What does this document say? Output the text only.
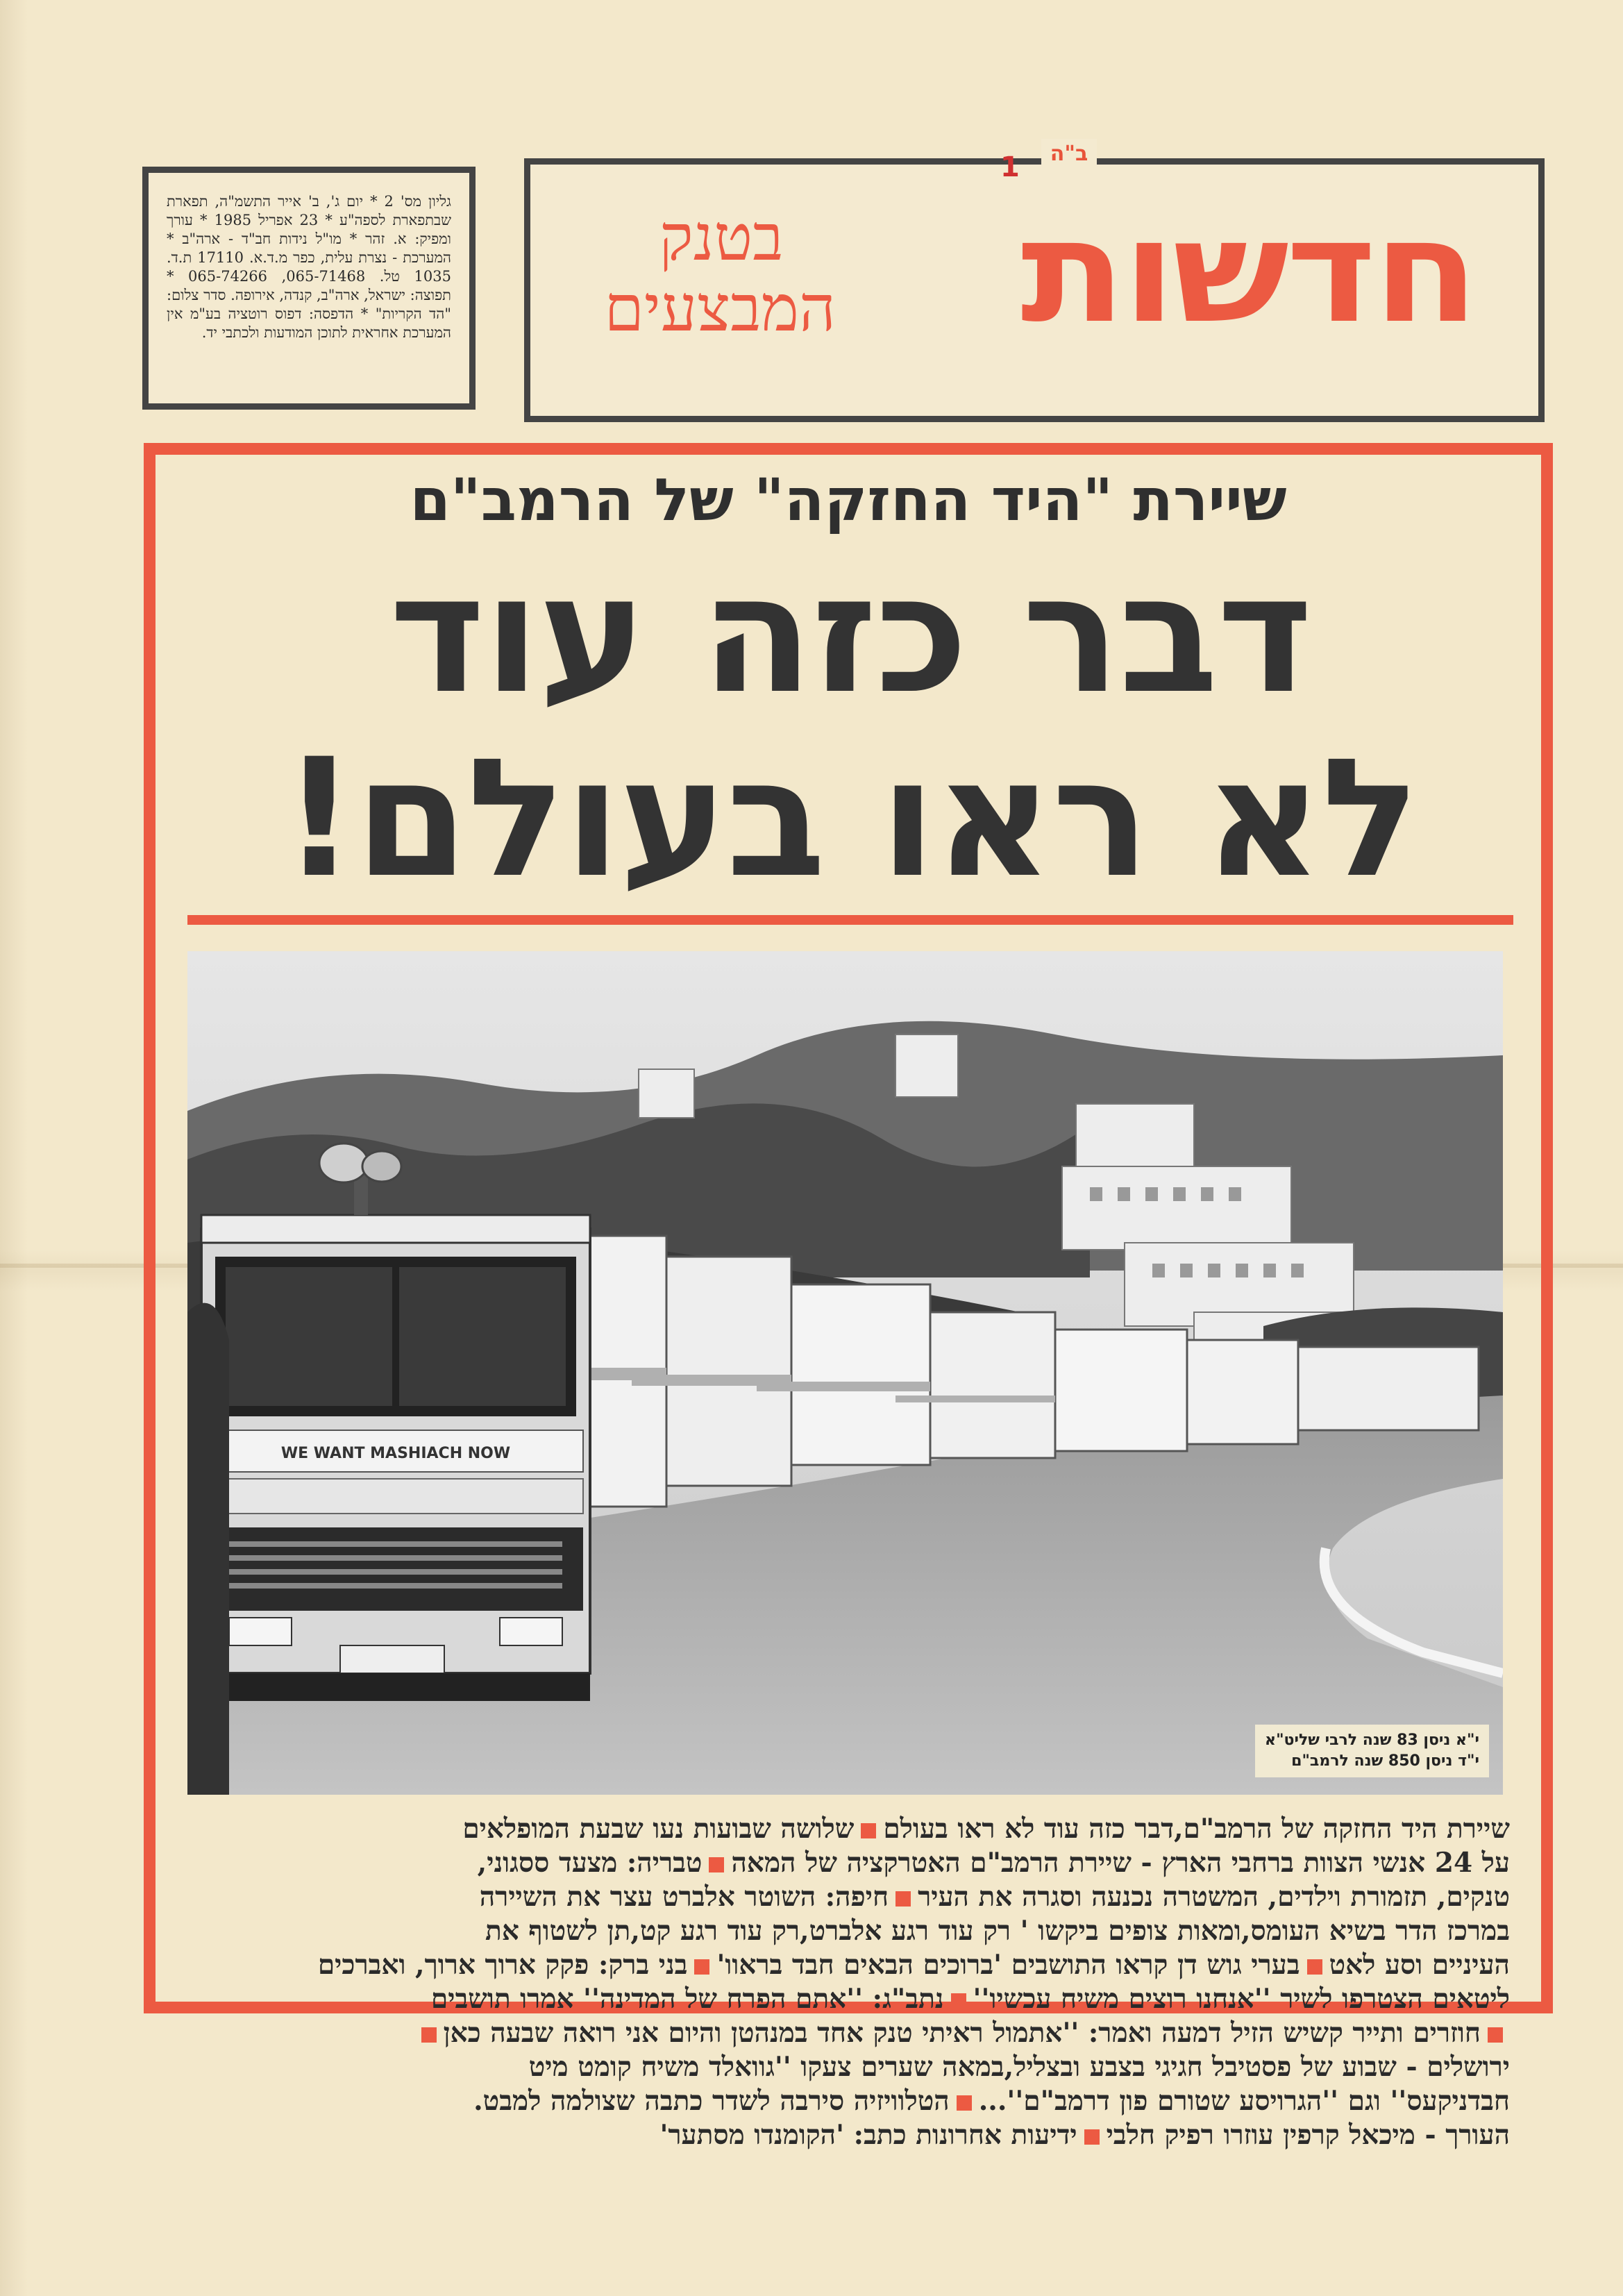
גליון מס' 2 * יום ג', ב' אייר התשמ"ה, תפארת שבתפארת לספה"ע * 23 אפריל 1985 * עורך ומפיק: א. זהר * מו"ל נידות חב"ד - ארה"ב * המערכת - נצרת עלית, כפר מ.ד.א. 17110 ת.ד. 1035 טל. 065-71468, 065-74266 * תפוצה: ישראל, ארה"ב, קנדה, אירופה. סדר צלום: "הד הקריות" * הדפסה: דפוס רוטציה בע"מ אין המערכת אחראית לתוכן המודעות ולכתבי יד.	חדשות
בטנק
המבצעים
ב"ה
1
שיירת "היד החזקה" של הרמב"ם
דבר כזה עוד
לא ראו בעולם!
WE WANT MASHIACH NOW
י"א ניסן 83 שנה לרבי שליט"א
י"ד ניסן 850 שנה לרמב"ם
שיירת היד החזקה של הרמב"ם,דבר כזה עוד לא ראו בעולםשלושה שבועות נעו שבעת המופלאים
על 24 אנשי הצוות ברחבי הארץ - שיירת הרמב"ם האטרקציה של המאהטבריה: מצעד ססגוני,
טנקים, תזמורת וילדים, המשטרה נכנעה וסגרה את העירחיפה: השוטר אלברט עצר את השיירה
במרכז הדר בשיא העומס,ומאות צופים ביקשו ' רק עוד רגע אלברט,רק עוד רגע קט,תן לשטוף את
העיניים וסע לאטבערי גוש דן קראו התושבים 'ברוכים הבאים חבד בראוו'בני ברק: פקק ארוך ארוך, ואברכים
ליטאים הצטרפו לשיר ''אנחנו רוצים משיח עכשיו''נתב"ג: ''אתם הפרח של המדינה'' אמרו תושבים
חוזרים ותייר קשיש הזיל דמעה ואמר: ''אתמול ראיתי טנק אחד במנהטן והיום אני רואה שבעה כאן
ירושלים - שבוע של פסטיבל חגיגי בצבע ובצליל,במאה שערים צעקו ''גוואלד משיח קומט מיט
חבדניקעס'' וגם ''הגרויסע שטורם פון דרמב"ם''...הטלוויזיה סירבה לשדר כתבה שצולמה למבט.
העורך - מיכאל קרפין עוזרו רפיק חלביידיעות אחרונות כתב: 'הקומנדו מסתער'
